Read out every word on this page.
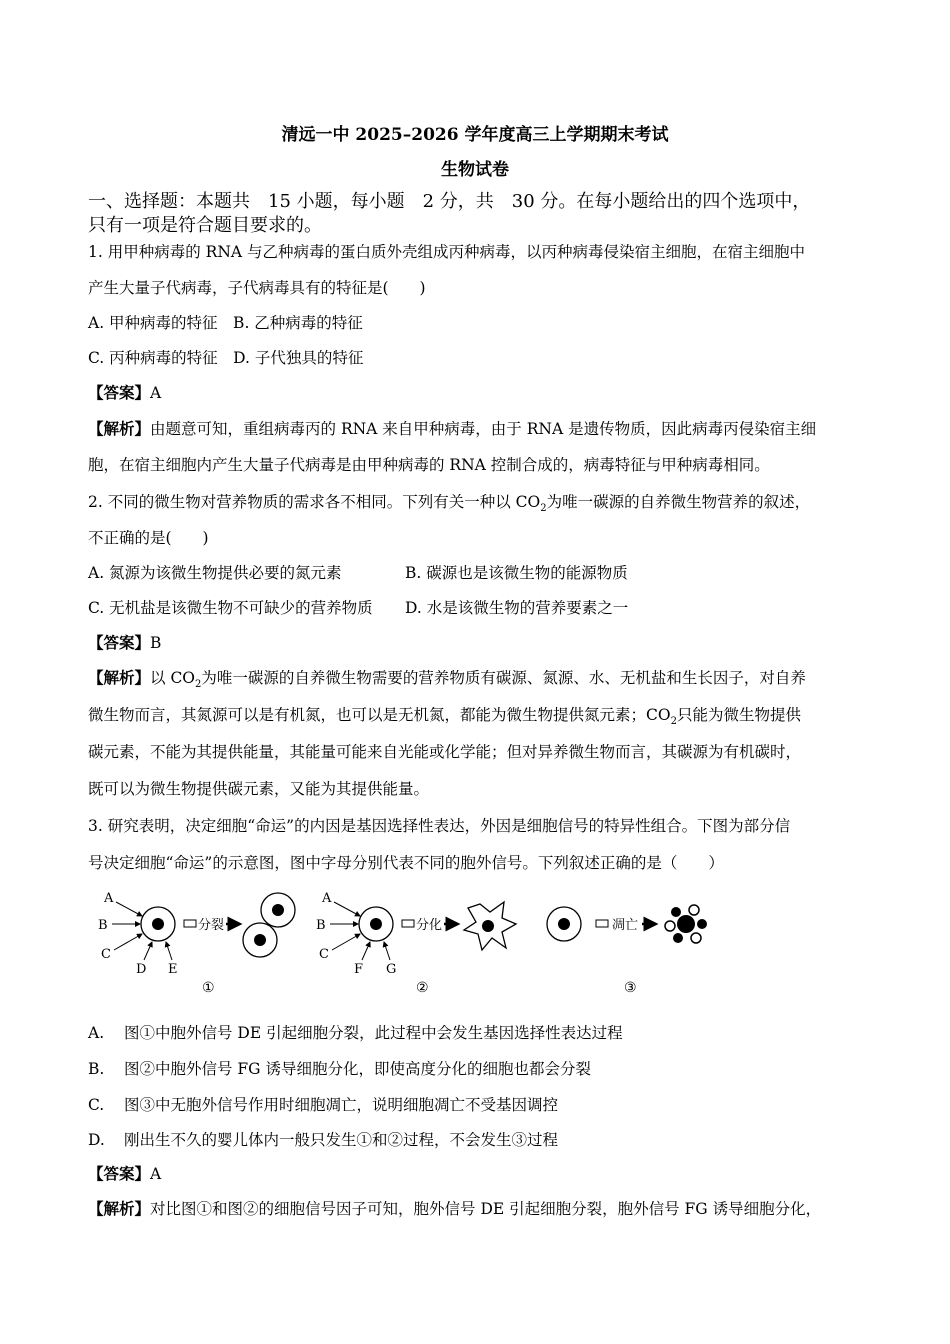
清远一中 2025–2026 学年度高三上学期期末考试
生物试卷
一、选择题：本题共　15 小题，每小题　2 分，共　30 分。在每小题给出的四个选项中，
只有一项是符合题目要求的。
1. 用甲种病毒的 RNA 与乙种病毒的蛋白质外壳组成丙种病毒，以丙种病毒侵染宿主细胞，在宿主细胞中
产生大量子代病毒，子代病毒具有的特征是(　　)
A. 甲种病毒的特征　B. 乙种病毒的特征
C. 丙种病毒的特征　D. 子代独具的特征
【答案】A
【解析】由题意可知，重组病毒丙的 RNA 来自甲种病毒，由于 RNA 是遗传物质，因此病毒丙侵染宿主细
胞，在宿主细胞内产生大量子代病毒是由甲种病毒的 RNA 控制合成的，病毒特征与甲种病毒相同。
2. 不同的微生物对营养物质的需求各不相同。下列有关一种以 $CO_2$为唯一碳源的自养微生物营养的叙述，
不正确的是(　　)
A. 氮源为该微生物提供必要的氮元素	B. 碳源也是该微生物的能源物质
C. 无机盐是该微生物不可缺少的营养物质 D. 水是该微生物的营养要素之一
【答案】B
【解析】以 $CO_2$为唯一碳源的自养微生物需要的营养物质有碳源、氮源、水、无机盐和生长因子，对自养
微生物而言，其氮源可以是有机氮，也可以是无机氮，都能为微生物提供氮元素；$CO_2$只能为微生物提供
碳元素，不能为其提供能量，其能量可能来自光能或化学能；但对异养微生物而言，其碳源为有机碳时，
既可以为微生物提供碳元素，又能为其提供能量。
3. 研究表明，决定细胞“命运”的内因是基因选择性表达，外因是细胞信号的特异性组合。下图为部分信
号决定细胞“命运”的示意图，图中字母分别代表不同的胞外信号。下列叙述正确的是（　　）
A
B
C
D E
分裂
①
A
B
C
F G
分化
②
凋亡
③
A. 图①中胞外信号 DE 引起细胞分裂，此过程中会发生基因选择性表达过程
B. 图②中胞外信号 FG 诱导细胞分化，即使高度分化的细胞也都会分裂
C. 图③中无胞外信号作用时细胞凋亡，说明细胞凋亡不受基因调控
D. 刚出生不久的婴儿体内一般只发生①和②过程，不会发生③过程
【答案】A
【解析】对比图①和图②的细胞信号因子可知，胞外信号 DE 引起细胞分裂，胞外信号 FG 诱导细胞分化，
